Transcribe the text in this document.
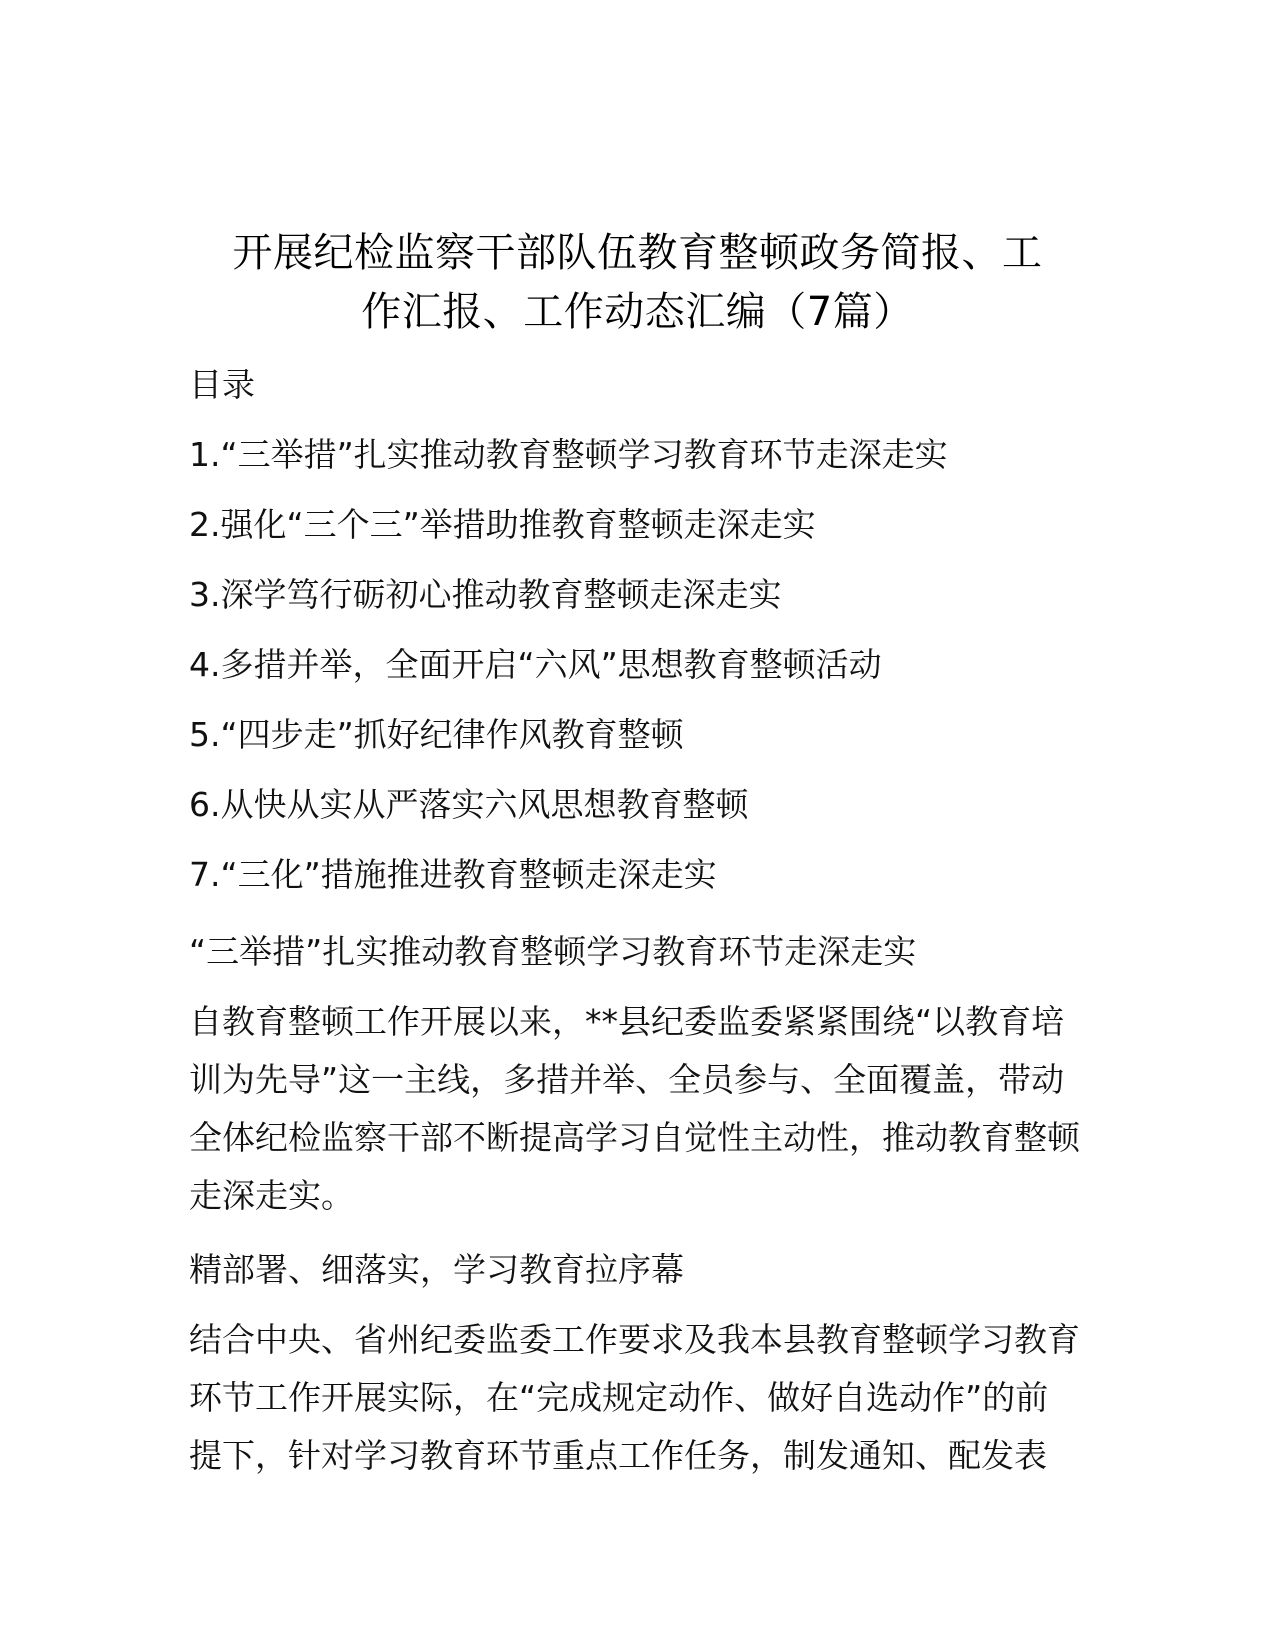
开展纪检监察干部队伍教育整顿政务简报、工
作汇报、工作动态汇编（7篇）

目录

1.“三举措”扎实推动教育整顿学习教育环节走深走实

2.强化“三个三”举措助推教育整顿走深走实

3.深学笃行砺初心推动教育整顿走深走实

4.多措并举，全面开启“六风”思想教育整顿活动

5.“四步走”抓好纪律作风教育整顿

6.从快从实从严落实六风思想教育整顿

7.“三化”措施推进教育整顿走深走实

“三举措”扎实推动教育整顿学习教育环节走深走实

自教育整顿工作开展以来，**县纪委监委紧紧围绕“以教育培
训为先导”这一主线，多措并举、全员参与、全面覆盖，带动
全体纪检监察干部不断提高学习自觉性主动性，推动教育整顿
走深走实。

精部署、细落实，学习教育拉序幕

结合中央、省州纪委监委工作要求及我本县教育整顿学习教育
环节工作开展实际，在“完成规定动作、做好自选动作”的前
提下，针对学习教育环节重点工作任务，制发通知、配发表
